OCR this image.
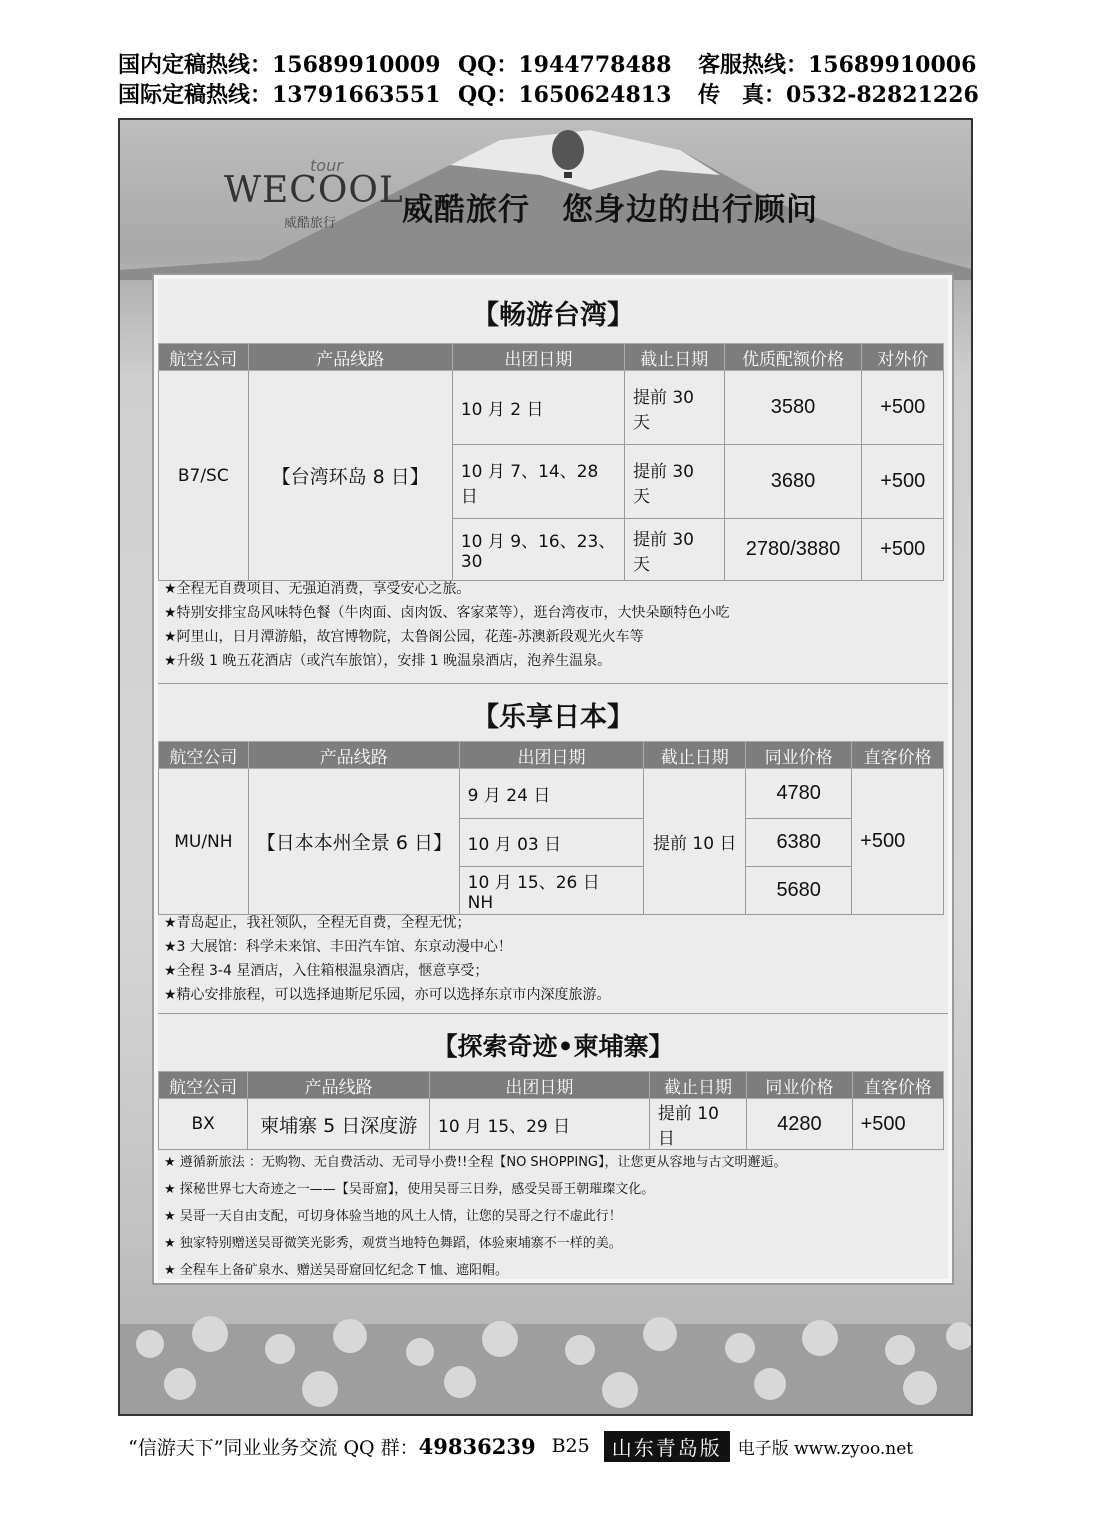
国内定稿热线：15689910009 QQ：1944778488	客服热线：15689910006
国际定稿热线：13791663551 QQ：1650624813	传　真：0532-82821226
WECOOL
tour
威酷旅行 威酷旅行　您身边的出行顾问
【畅游台湾】
航空公司	产品线路	出团日期	截止日期	优质配额价格	对外价
B7/SC	【台湾环岛 8 日】	10 月 2 日	提前 30 天	3580	+500
		10 月 7、14、28 日	提前 30 天	3680	+500
		10 月 9、16、23、30	提前 30 天	2780/3880	+500
★全程无自费项目、无强迫消费，享受安心之旅。
★特别安排宝岛风味特色餐（牛肉面、卤肉饭、客家菜等），逛台湾夜市，大快朵颐特色小吃
★阿里山，日月潭游船，故宫博物院，太鲁阁公园，花莲-苏澳新段观光火车等
★升级 1 晚五花酒店（或汽车旅馆），安排 1 晚温泉酒店，泡养生温泉。
【乐享日本】
航空公司	产品线路	出团日期	截止日期	同业价格	直客价格
MU/NH	【日本本州全景 6 日】	9 月 24 日	提前 10 日	4780	+500
		10 月 03 日		6380	
		10 月 15、26 日　NH		5680	
★青岛起止，我社领队，全程无自费，全程无忧；
★3 大展馆：科学未来馆、丰田汽车馆、东京动漫中心！
★全程 3-4 星酒店，入住箱根温泉酒店，惬意享受；
★精心安排旅程，可以选择迪斯尼乐园，亦可以选择东京市内深度旅游。
【探索奇迹•柬埔寨】
航空公司	产品线路	出团日期	截止日期	同业价格	直客价格
BX	柬埔寨 5 日深度游	10 月 15、29 日	提前 10 日	4280	+500
★ 遵循新旅法 ：无购物、无自费活动、无司导小费!!全程【NO SHOPPING】，让您更从容地与古文明邂逅。
★ 探秘世界七大奇迹之一——【吴哥窟】，使用吴哥三日券，感受吴哥王朝璀璨文化。
★ 吴哥一天自由支配，可切身体验当地的风土人情，让您的吴哥之行不虚此行！
★ 独家特别赠送吴哥微笑光影秀，观赏当地特色舞蹈，体验柬埔寨不一样的美。
★ 全程车上备矿泉水、赠送吴哥窟回忆纪念 T 恤、遮阳帽。
“信游天下”同业业务交流 QQ 群： 49836239 B25	山东青岛版 电子版 www.zyoo.net
